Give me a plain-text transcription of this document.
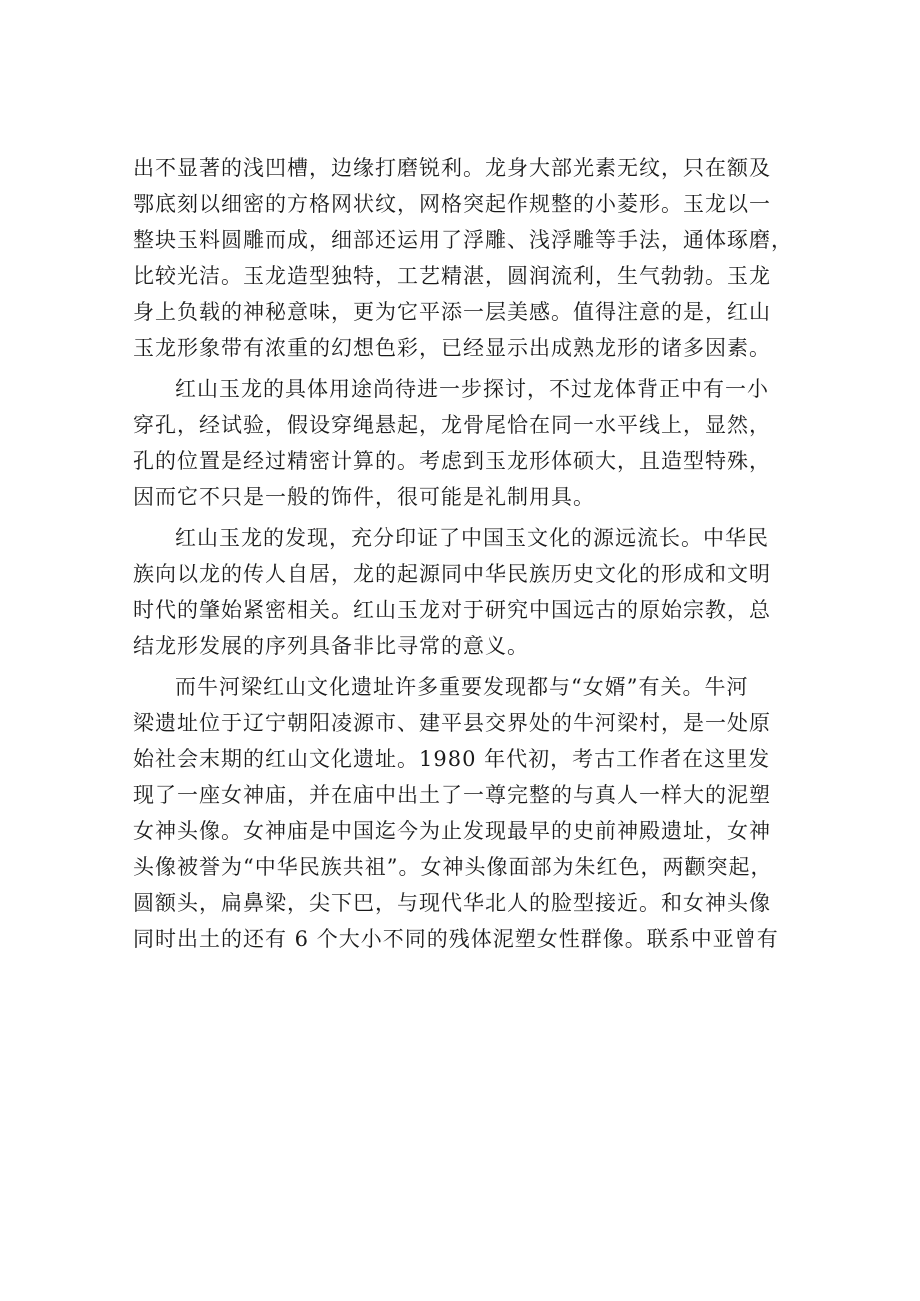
出不显著的浅凹槽，边缘打磨锐利。龙身大部光素无纹，只在额及
鄂底刻以细密的方格网状纹，网格突起作规整的小菱形。玉龙以一
整块玉料圆雕而成，细部还运用了浮雕、浅浮雕等手法，通体琢磨，
比较光洁。玉龙造型独特，工艺精湛，圆润流利，生气勃勃。玉龙
身上负载的神秘意味，更为它平添一层美感。值得注意的是，红山
玉龙形象带有浓重的幻想色彩，已经显示出成熟龙形的诸多因素。
红山玉龙的具体用途尚待进一步探讨，不过龙体背正中有一小
穿孔，经试验，假设穿绳悬起，龙骨尾恰在同一水平线上，显然，
孔的位置是经过精密计算的。考虑到玉龙形体硕大，且造型特殊，
因而它不只是一般的饰件，很可能是礼制用具。
红山玉龙的发现，充分印证了中国玉文化的源远流长。中华民
族向以龙的传人自居，龙的起源同中华民族历史文化的形成和文明
时代的肇始紧密相关。红山玉龙对于研究中国远古的原始宗教，总
结龙形发展的序列具备非比寻常的意义。
而牛河梁红山文化遗址许多重要发现都与“女婿”有关。牛河
梁遗址位于辽宁朝阳凌源市、建平县交界处的牛河梁村，是一处原
始社会末期的红山文化遗址。1980 年代初，考古工作者在这里发
现了一座女神庙，并在庙中出土了一尊完整的与真人一样大的泥塑
女神头像。女神庙是中国迄今为止发现最早的史前神殿遗址，女神
头像被誉为“中华民族共祖”。女神头像面部为朱红色，两颧突起，
圆额头，扁鼻梁，尖下巴，与现代华北人的脸型接近。和女神头像
同时出土的还有 6 个大小不同的残体泥塑女性群像。联系中亚曾有
